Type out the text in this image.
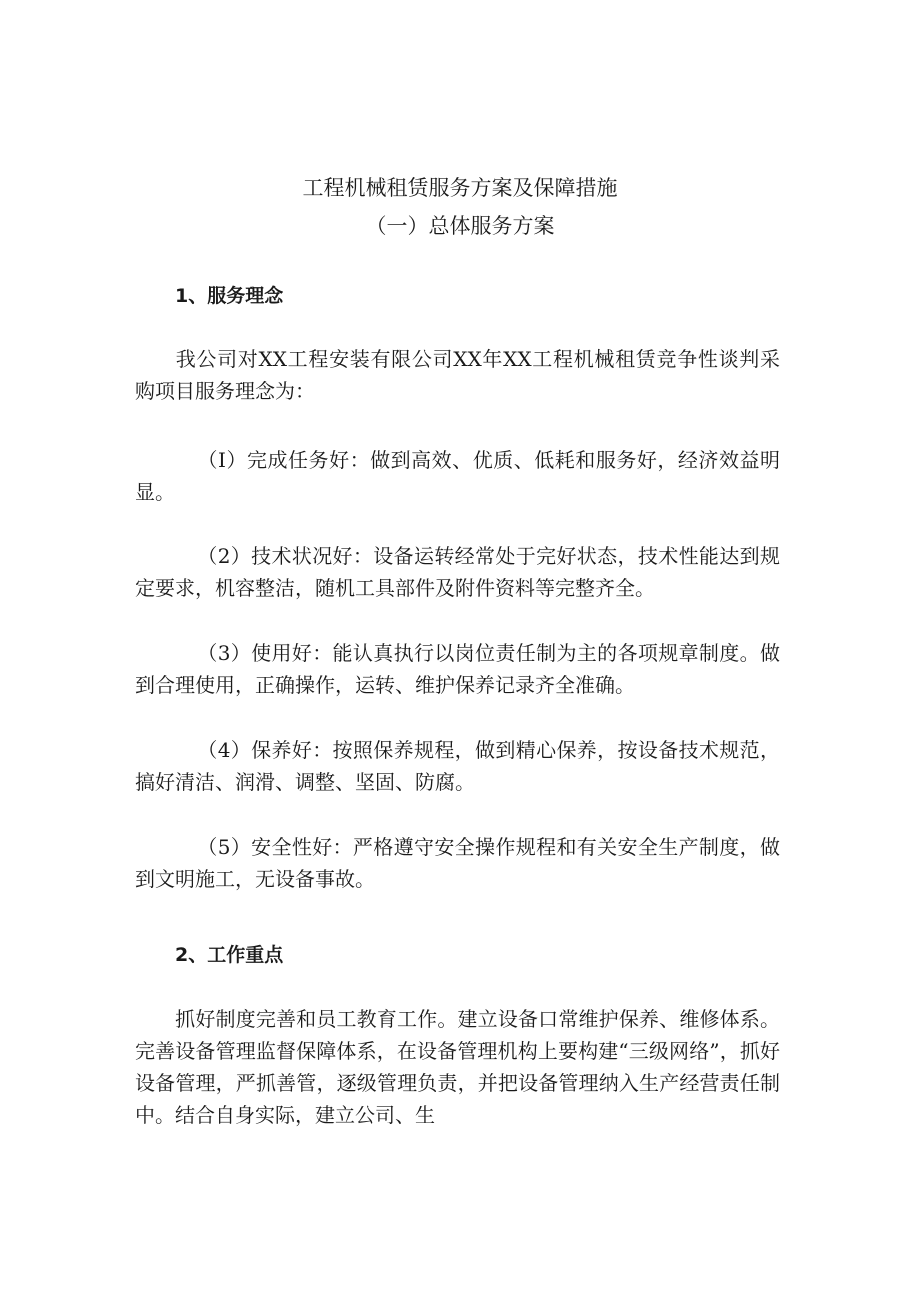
工程机械租赁服务方案及保障措施
（一）总体服务方案
1、服务理念

我公司对XX工程安装有限公司XX年XX工程机械租赁竞争性谈判采购项目服务理念为：

（I）完成任务好：做到高效、优质、低耗和服务好，经济效益明显。

（2）技术状况好：设备运转经常处于完好状态，技术性能达到规定要求，机容整洁，随机工具部件及附件资料等完整齐全。

（3）使用好：能认真执行以岗位责任制为主的各项规章制度。做到合理使用，正确操作，运转、维护保养记录齐全准确。

（4）保养好：按照保养规程，做到精心保养，按设备技术规范，搞好清洁、润滑、调整、坚固、防腐。

（5）安全性好：严格遵守安全操作规程和有关安全生产制度，做到文明施工，无设备事故。

2、工作重点

抓好制度完善和员工教育工作。建立设备口常维护保养、维修体系。完善设备管理监督保障体系，在设备管理机构上要构建“三级网络”，抓好设备管理，严抓善管，逐级管理负责，并把设备管理纳入生产经营责任制中。结合自身实际，建立公司、生
